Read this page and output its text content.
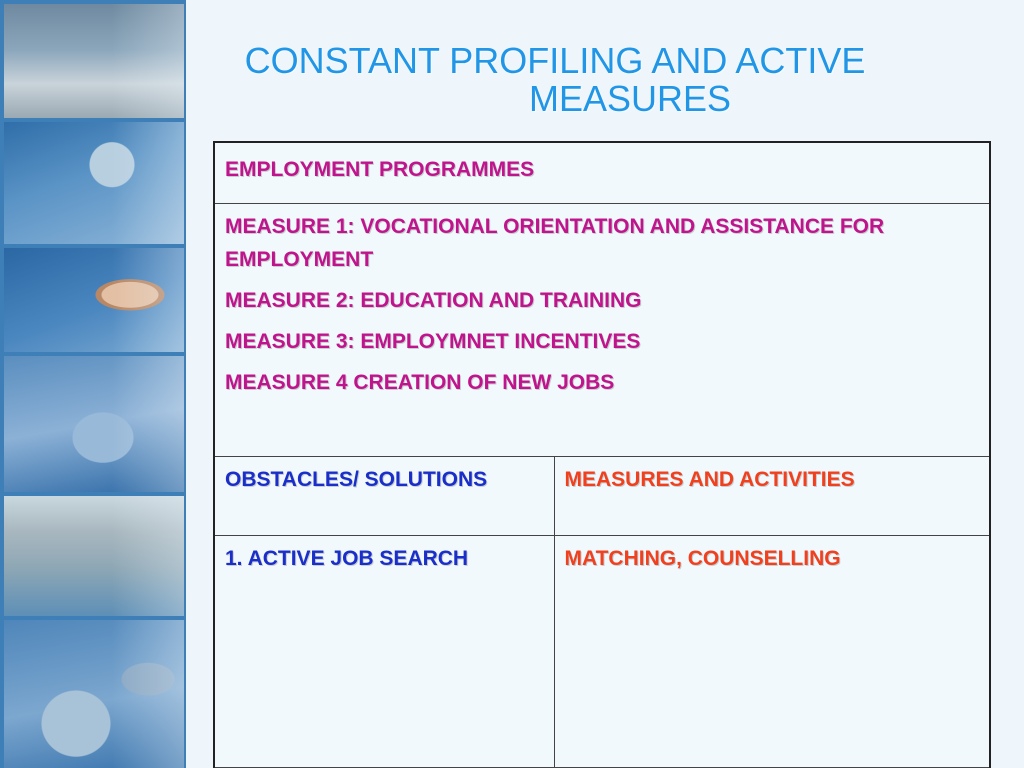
CONSTANT PROFILING AND ACTIVE
MEASURES
EMPLOYMENT PROGRAMMES	

MEASURE 1: VOCATIONAL ORIENTATION AND ASSISTANCE FOR EMPLOYMENT
MEASURE 2: EDUCATION AND TRAINING
MEASURE 3: EMPLOYMNET INCENTIVES
MEASURE 4 CREATION OF NEW JOBS	

OBSTACLES/ SOLUTIONS	MEASURES AND ACTIVITIES
1. ACTIVE JOB SEARCH	MATCHING, COUNSELLING
